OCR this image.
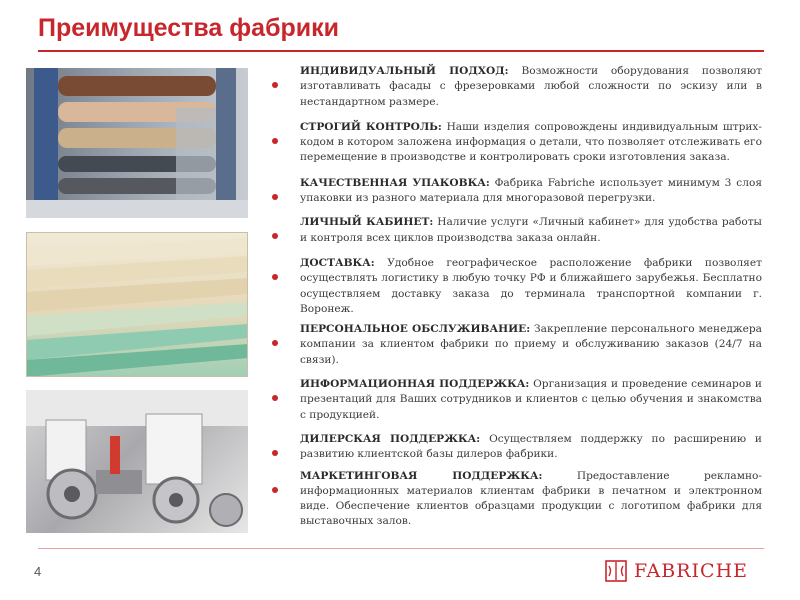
Преимущества фабрики

ИНДИВИДУАЛЬНЫЙ ПОДХОД: Возможности оборудования позволяют изготавливать фасады с фрезеровками любой сложности по эскизу или в нестандартном размере.

СТРОГИЙ КОНТРОЛЬ: Наши изделия сопровождены индивидуальным штрих-кодом в котором заложена информация о детали, что позволяет отслеживать его перемещение в производстве и контролировать сроки изготовления заказа.

КАЧЕСТВЕННАЯ УПАКОВКА: Фабрика Fabriche использует минимум 3 слоя упаковки из разного материала для многоразовой перегрузки.

ЛИЧНЫЙ КАБИНЕТ: Наличие услуги «Личный кабинет» для удобства работы и контроля всех циклов производства заказа онлайн.

ДОСТАВКА: Удобное географическое расположение фабрики позволяет осуществлять логистику в любую точку РФ и ближайшего зарубежья. Бесплатно осуществляем доставку заказа до терминала транспортной компании г. Воронеж.

ПЕРСОНАЛЬНОЕ ОБСЛУЖИВАНИЕ: Закрепление персонального менеджера компании за клиентом фабрики по приему и обслуживанию заказов (24/7 на связи).

ИНФОРМАЦИОННАЯ ПОДДЕРЖКА: Организация и проведение семинаров и презентаций для Ваших сотрудников и клиентов с целью обучения и знакомства с продукцией.

ДИЛЕРСКАЯ ПОДДЕРЖКА: Осуществляем поддержку по расширению и развитию клиентской базы дилеров фабрики.

МАРКЕТИНГОВАЯ ПОДДЕРЖКА:	Предоставление рекламно-информационных материалов клиентам фабрики в печатном и электронном виде. Обеспечение клиентов образцами продукции с логотипом фабрики для выставочных залов.

4	FABRICHE
